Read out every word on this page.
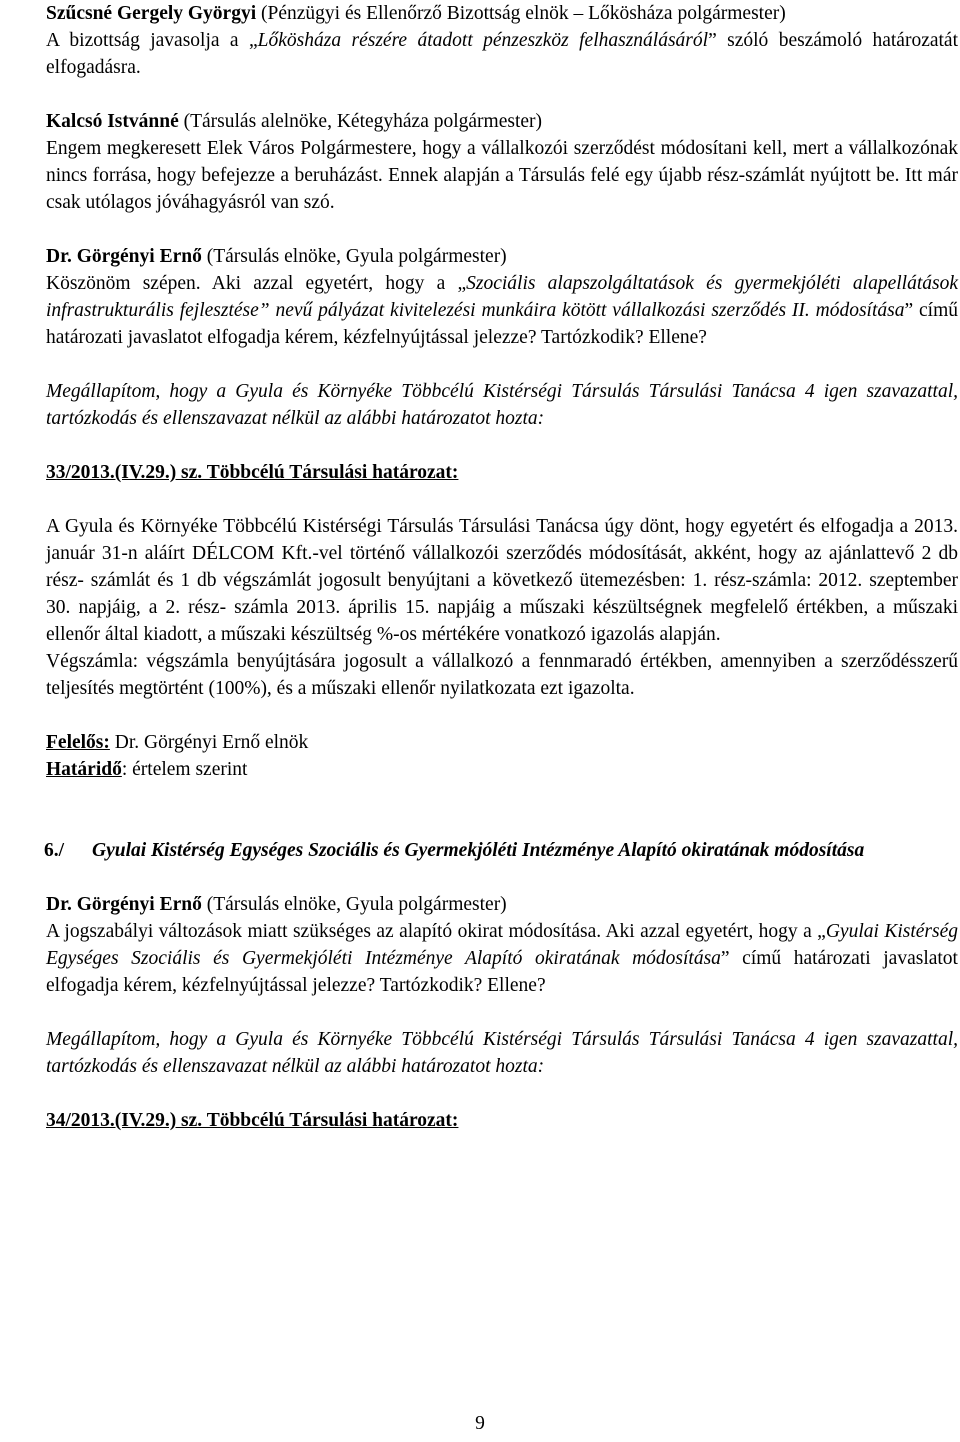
Szűcsné Gergely Györgyi (Pénzügyi és Ellenőrző Bizottság elnök – Lőkösháza polgármester)
A bizottság javasolja a „Lőkösháza részére átadott pénzeszköz felhasználásáról” szóló beszámoló határozatát elfogadásra.

Kalcsó Istvánné (Társulás alelnöke, Kétegyháza polgármester)
Engem megkeresett Elek Város Polgármestere, hogy a vállalkozói szerződést módosítani kell, mert a vállalkozónak nincs forrása, hogy befejezze a beruházást. Ennek alapján a Társulás felé egy újabb rész-számlát nyújtott be. Itt már csak utólagos jóváhagyásról van szó.

Dr. Görgényi Ernő (Társulás elnöke, Gyula polgármester)
Köszönöm szépen. Aki azzal egyetért, hogy a „Szociális alapszolgáltatások és gyermekjóléti alapellátások infrastrukturális fejlesztése” nevű pályázat kivitelezési munkáira kötött vállalkozási szerződés II. módosítása” című határozati javaslatot elfogadja kérem, kézfelnyújtással jelezze? Tartózkodik? Ellene?

Megállapítom, hogy a Gyula és Környéke Többcélú Kistérségi Társulás Társulási Tanácsa 4 igen szavazattal, tartózkodás és ellenszavazat nélkül az alábbi határozatot hozta:

33/2013.(IV.29.) sz. Többcélú Társulási határozat:

A Gyula és Környéke Többcélú Kistérségi Társulás Társulási Tanácsa úgy dönt, hogy egyetért és elfogadja a 2013. január 31-n aláírt DÉLCOM Kft.-vel történő vállalkozói szerződés módosítását, akként, hogy az ajánlattevő 2 db rész- számlát és 1 db végszámlát jogosult benyújtani a következő ütemezésben: 1. rész-számla: 2012. szeptember 30. napjáig, a 2. rész- számla 2013. április 15. napjáig a műszaki készültségnek megfelelő értékben, a műszaki ellenőr által kiadott, a műszaki készültség %-os mértékére vonatkozó igazolás alapján.

Végszámla: végszámla benyújtására jogosult a vállalkozó a fennmaradó értékben, amennyiben a szerződésszerű teljesítés megtörtént (100%), és a műszaki ellenőr nyilatkozata ezt igazolta.

Felelős: Dr. Görgényi Ernő elnök

Határidő: értelem szerint

6./ Gyulai Kistérség Egységes Szociális és Gyermekjóléti Intézménye Alapító okiratának módosítása

Dr. Görgényi Ernő (Társulás elnöke, Gyula polgármester)
A jogszabályi változások miatt szükséges az alapító okirat módosítása. Aki azzal egyetért, hogy a „Gyulai Kistérség Egységes Szociális és Gyermekjóléti Intézménye Alapító okiratának módosítása” című határozati javaslatot elfogadja kérem, kézfelnyújtással jelezze? Tartózkodik? Ellene?

Megállapítom, hogy a Gyula és Környéke Többcélú Kistérségi Társulás Társulási Tanácsa 4 igen szavazattal, tartózkodás és ellenszavazat nélkül az alábbi határozatot hozta:

34/2013.(IV.29.) sz. Többcélú Társulási határozat:

9
